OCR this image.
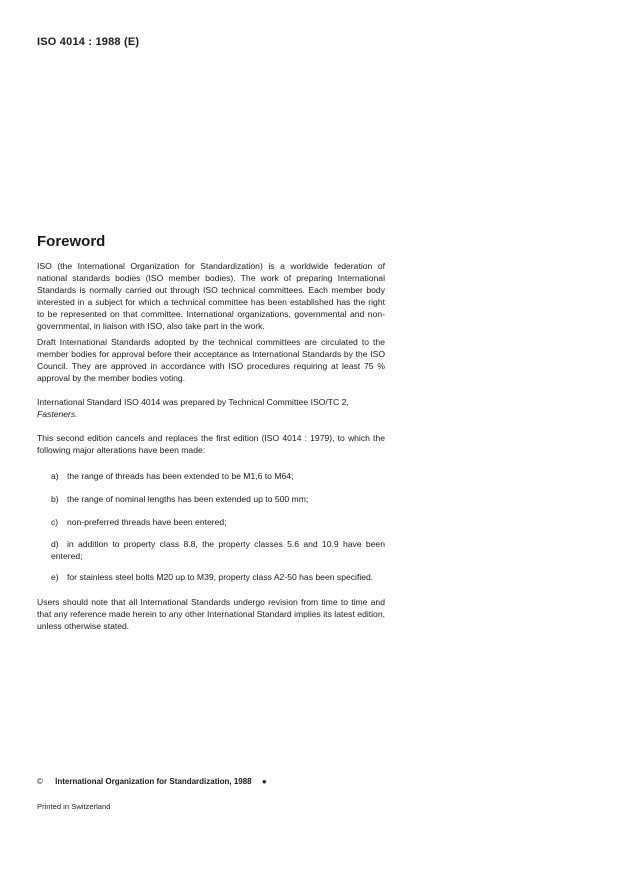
ISO 4014 : 1988 (E)
Foreword
ISO (the International Organization for Standardization) is a worldwide federation of national standards bodies (ISO member bodies). The work of preparing International Standards is normally carried out through ISO technical committees. Each member body interested in a subject for which a technical committee has been established has the right to be represented on that committee. International organizations, governmental and non-governmental, in liaison with ISO, also take part in the work.
Draft International Standards adopted by the technical committees are circulated to the member bodies for approval before their acceptance as International Standards by the ISO Council. They are approved in accordance with ISO procedures requiring at least 75 % approval by the member bodies voting.
International Standard ISO 4014 was prepared by Technical Committee ISO/TC 2,
Fasteners.
This second edition cancels and replaces the first edition (ISO 4014 : 1979), to which the following major alterations have been made:
a) the range of threads has been extended to be M1,6 to M64;
b) the range of nominal lengths has been extended up to 500 mm;
c) non-preferred threads have been entered;
d) in addition to property class 8.8, the property classes 5.6 and 10.9 have been entered;
e) for stainless steel bolts M20 up to M39, property class A2-50 has been specified.
Users should note that all International Standards undergo revision from time to time and that any reference made herein to any other International Standard implies its latest edition, unless otherwise stated.
© International Organization for Standardization, 1988 ●
Printed in Switzerland
